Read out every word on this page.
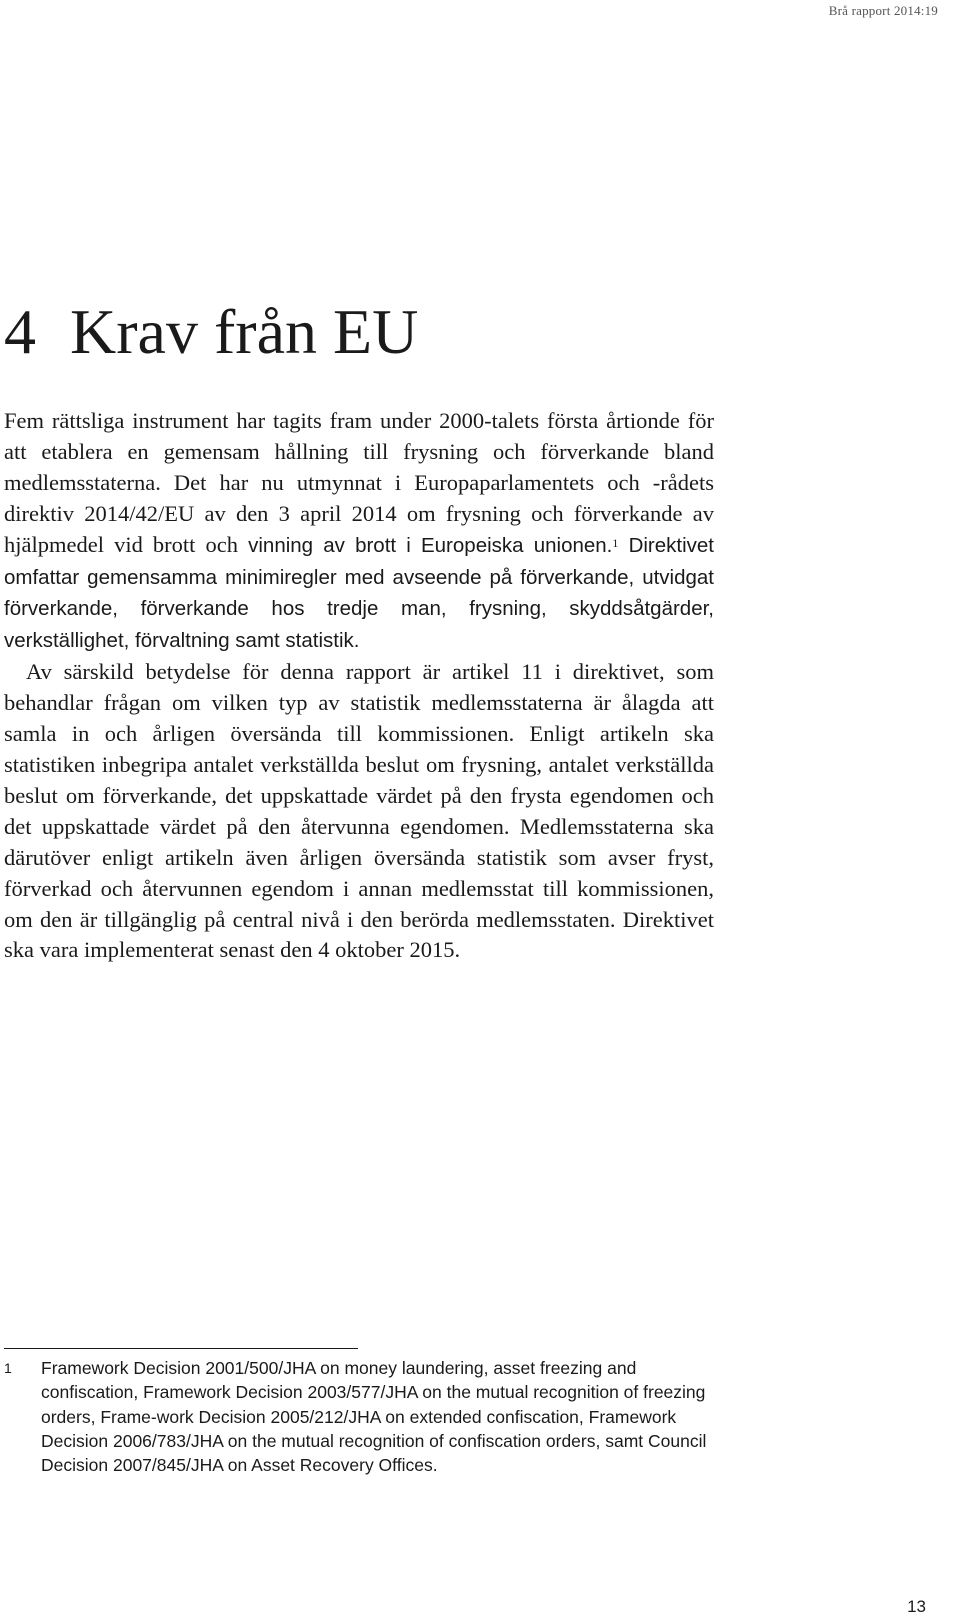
Brå rapport 2014:19
4 Krav från EU

Fem rättsliga instrument har tagits fram under 2000-talets första årtionde för att etablera en gemensam hållning till frysning och förverkande bland medlemsstaterna. Det har nu utmynnat i Europaparlamentets och -rådets direktiv 2014/42/EU av den 3 april 2014 om frysning och förverkande av hjälpmedel vid brott och vinning av brott i Europeiska unionen.$^1$ Direktivet omfattar gemensamma minimiregler med avseende på förverkande, utvidgat förverkande, förverkande hos tredje man, frysning, skyddsåtgärder, verkställighet, förvaltning samt statistik.

Av särskild betydelse för denna rapport är artikel 11 i direktivet, som behandlar frågan om vilken typ av statistik medlemsstaterna är ålagda att samla in och årligen översända till kommissionen. Enligt artikeln ska statistiken inbegripa antalet verkställda beslut om frysning, antalet verkställda beslut om förverkande, det uppskattade värdet på den frysta egendomen och det uppskattade värdet på den återvunna egendomen. Medlemsstaterna ska därutöver enligt artikeln även årligen översända statistik som avser fryst, förverkad och återvunnen egendom i annan medlemsstat till kommissionen, om den är tillgänglig på central nivå i den berörda medlemsstaten. Direktivet ska vara implementerat senast den 4 oktober 2015.

1 Framework Decision 2001/500/JHA on money laundering, asset freezing and confiscation, Framework Decision 2003/577/JHA on the mutual recognition of freezing orders, Frame-work Decision 2005/212/JHA on extended confiscation, Framework Decision 2006/783/JHA on the mutual recognition of confiscation orders, samt Council Decision 2007/845/JHA on Asset Recovery Offices.
13
